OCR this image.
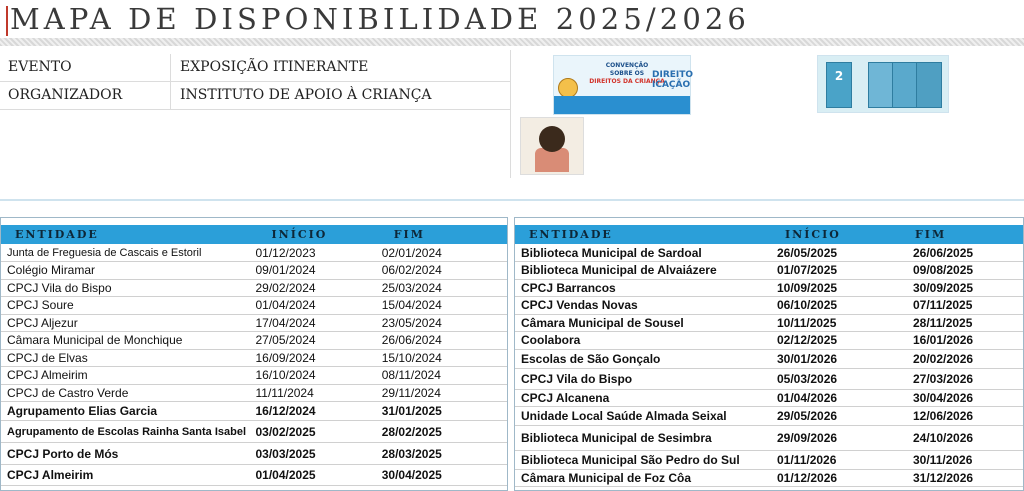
MAPA DE DISPONIBILIDADE 2025/2026
EVENTO	EXPOSIÇÃO ITINERANTE
ORGANIZADOR	INSTITUTO DE APOIO À CRIANÇA
CONVENÇÃO
SOBRE OS
DIREITOS DA CRIANÇA
DIREITO
ICAÇÃO
2
ENTIDADE	INÍCIO	FIM
Junta de Freguesia de Cascais e Estoril	01/12/2023	02/01/2024
Colégio Miramar	09/01/2024	06/02/2024
CPCJ Vila do Bispo	29/02/2024	25/03/2024
CPCJ Soure	01/04/2024	15/04/2024
CPCJ Aljezur	17/04/2024	23/05/2024
Câmara Municipal de Monchique	27/05/2024	26/06/2024
CPCJ de Elvas	16/09/2024	15/10/2024
CPCJ Almeirim	16/10/2024	08/11/2024
CPCJ de Castro Verde	11/11/2024	29/11/2024
Agrupamento Elias Garcia	16/12/2024	31/01/2025
Agrupamento de Escolas Rainha Santa Isabel	03/02/2025	28/02/2025
CPCJ Porto de Mós	03/03/2025	28/03/2025
CPCJ Almeirim	01/04/2025	30/04/2025
ENTIDADE	INÍCIO	FIM
Biblioteca Municipal de Sardoal	26/05/2025	26/06/2025
Biblioteca Municipal de Alvaiázere	01/07/2025	09/08/2025
CPCJ Barrancos	10/09/2025	30/09/2025
CPCJ Vendas Novas	06/10/2025	07/11/2025
Câmara Municipal de Sousel	10/11/2025	28/11/2025
Coolabora	02/12/2025	16/01/2026
Escolas de São Gonçalo	30/01/2026	20/02/2026
CPCJ Vila do Bispo	05/03/2026	27/03/2026
CPCJ Alcanena	01/04/2026	30/04/2026
Unidade Local Saúde Almada Seixal	29/05/2026	12/06/2026
Biblioteca Municipal de Sesimbra	29/09/2026	24/10/2026
Biblioteca Municipal São Pedro do Sul	01/11/2026	30/11/2026
Câmara Municipal de Foz Côa	01/12/2026	31/12/2026
